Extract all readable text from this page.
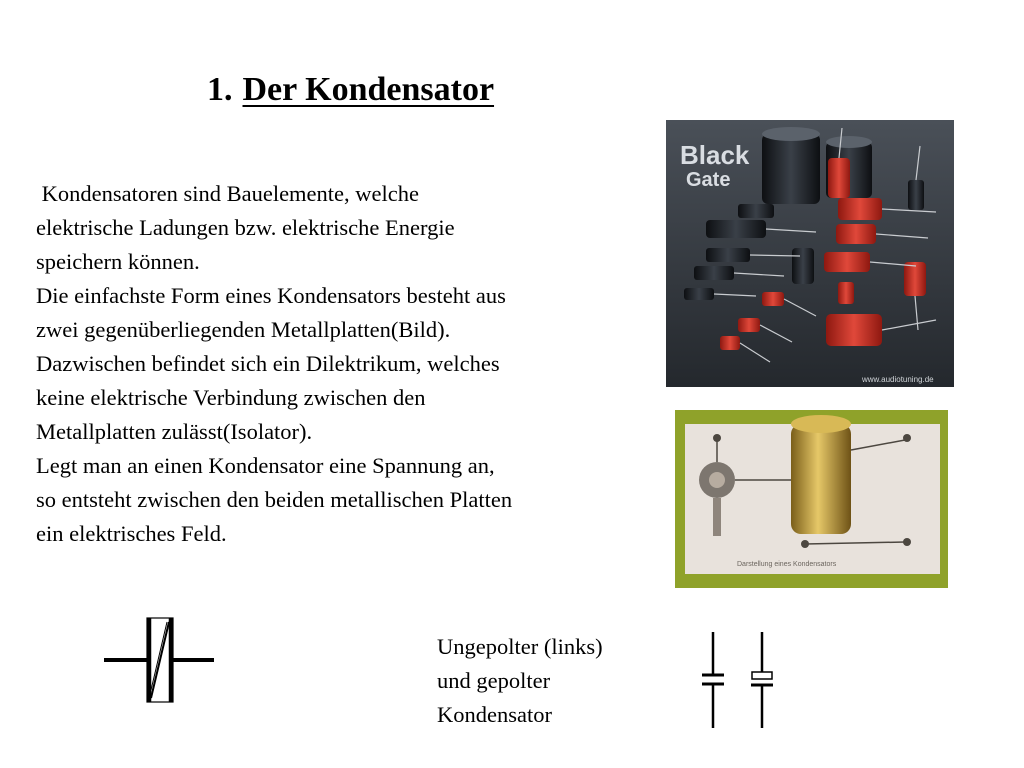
1. Der Kondensator

Kondensatoren sind Bauelemente, welche

elektrische Ladungen bzw. elektrische Energie

speichern können.

Die einfachste Form eines Kondensators besteht aus

zwei gegenüberliegenden Metallplatten(Bild).

Dazwischen befindet sich ein Dilektrikum, welches

keine elektrische Verbindung zwischen den

Metallplatten zulässt(Isolator).

Legt man an einen Kondensator eine Spannung an,

so entsteht zwischen den beiden metallischen Platten

ein elektrisches Feld.

Black
Gate
www.audiotuning.de
Darstellung eines Kondensators

Ungepolter (links)

und gepolter

Kondensator
